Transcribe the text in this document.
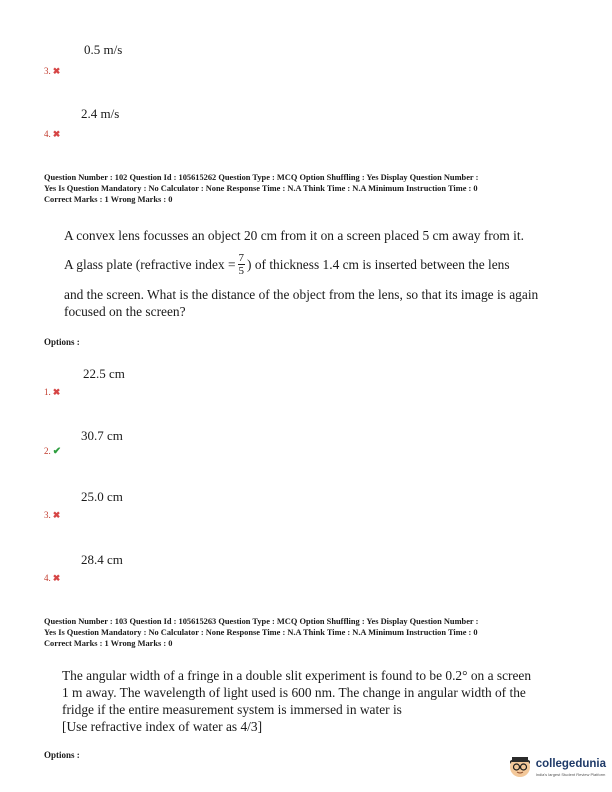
0.5 m/s
3. ✖
2.4 m/s
4. ✖
Question Number : 102 Question Id : 105615262 Question Type : MCQ Option Shuffling : Yes Display Question Number :
Yes Is Question Mandatory : No Calculator : None Response Time : N.A Think Time : N.A Minimum Instruction Time : 0
Correct Marks : 1 Wrong Marks : 0
A convex lens focusses an object 20 cm from it on a screen placed 5 cm away from it.
A glass plate (refractive index = $\frac{7}{5}$ ) of thickness 1.4 cm is inserted between the lens
and the screen. What is the distance of the object from the lens, so that its image is again
focused on the screen?
Options :
22.5 cm
1. ✖
30.7 cm
2. ✔
25.0 cm
3. ✖
28.4 cm
4. ✖
Question Number : 103 Question Id : 105615263 Question Type : MCQ Option Shuffling : Yes Display Question Number :
Yes Is Question Mandatory : No Calculator : None Response Time : N.A Think Time : N.A Minimum Instruction Time : 0
Correct Marks : 1 Wrong Marks : 0
The angular width of a fringe in a double slit experiment is found to be 0.2° on a screen
1 m away. The wavelength of light used is 600 nm. The change in angular width of the
fridge if the entire measurement system is immersed in water is
[Use refractive index of water as 4/3]
Options :
collegedunia
India's largest Student Review Platform
